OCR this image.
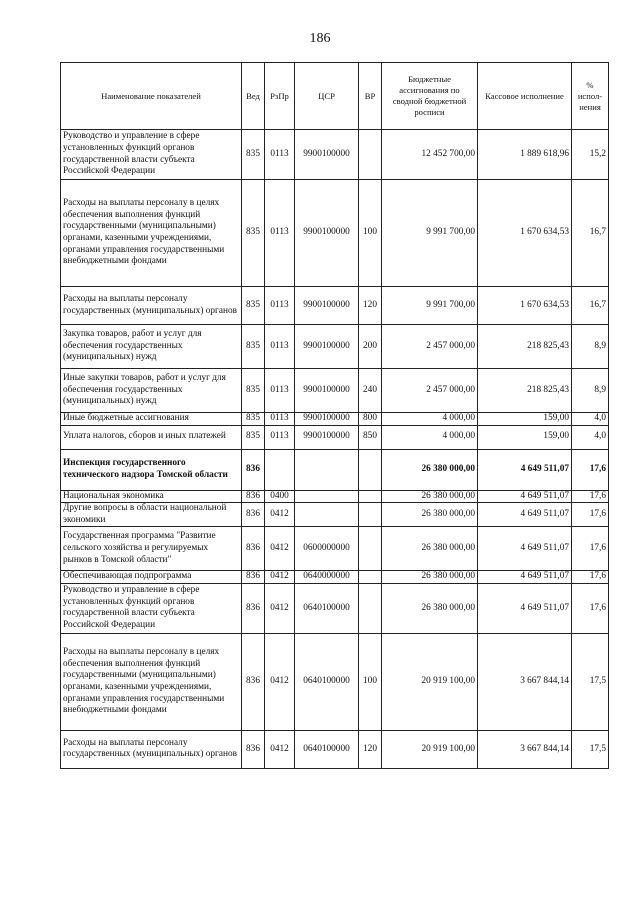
186
Наименование показателей	Вед	РзПр	ЦСР	ВР	Бюджетные ассигнования по сводной бюджетной росписи	Кассовое исполнение	% испол-нения
Руководство и управление в сфере установленных функций органов государственной власти субъекта Российской Федерации	835	0113	9900100000		12 452 700,00	1 889 618,96	15,2
Расходы на выплаты персоналу в целях обеспечения выполнения функций государственными (муниципальными) органами, казенными учреждениями, органами управления государственными внебюджетными фондами	835	0113	9900100000	100	9 991 700,00	1 670 634,53	16,7
Расходы на выплаты персоналу государственных (муниципальных) органов	835	0113	9900100000	120	9 991 700,00	1 670 634,53	16,7
Закупка товаров, работ и услуг для обеспечения государственных (муниципальных) нужд	835	0113	9900100000	200	2 457 000,00	218 825,43	8,9
Иные закупки товаров, работ и услуг для обеспечения государственных (муниципальных) нужд	835	0113	9900100000	240	2 457 000,00	218 825,43	8,9
Иные бюджетные ассигнования	835	0113	9900100000	800	4 000,00	159,00	4,0
Уплата налогов, сборов и иных платежей	835	0113	9900100000	850	4 000,00	159,00	4,0
Инспекция государственного технического надзора Томской области	836				26 380 000,00	4 649 511,07	17,6
Национальная экономика	836	0400			26 380 000,00	4 649 511,07	17,6
Другие вопросы в области национальной экономики	836	0412			26 380 000,00	4 649 511,07	17,6
Государственная программа "Развитие сельского хозяйства и регулируемых рынков в Томской области"	836	0412	0600000000		26 380 000,00	4 649 511,07	17,6
Обеспечивающая подпрограмма	836	0412	0640000000		26 380 000,00	4 649 511,07	17,6
Руководство и управление в сфере установленных функций органов государственной власти субъекта Российской Федерации	836	0412	0640100000		26 380 000,00	4 649 511,07	17,6
Расходы на выплаты персоналу в целях обеспечения выполнения функций государственными (муниципальными) органами, казенными учреждениями, органами управления государственными внебюджетными фондами	836	0412	0640100000	100	20 919 100,00	3 667 844,14	17,5
Расходы на выплаты персоналу государственных (муниципальных) органов	836	0412	0640100000	120	20 919 100,00	3 667 844,14	17,5
